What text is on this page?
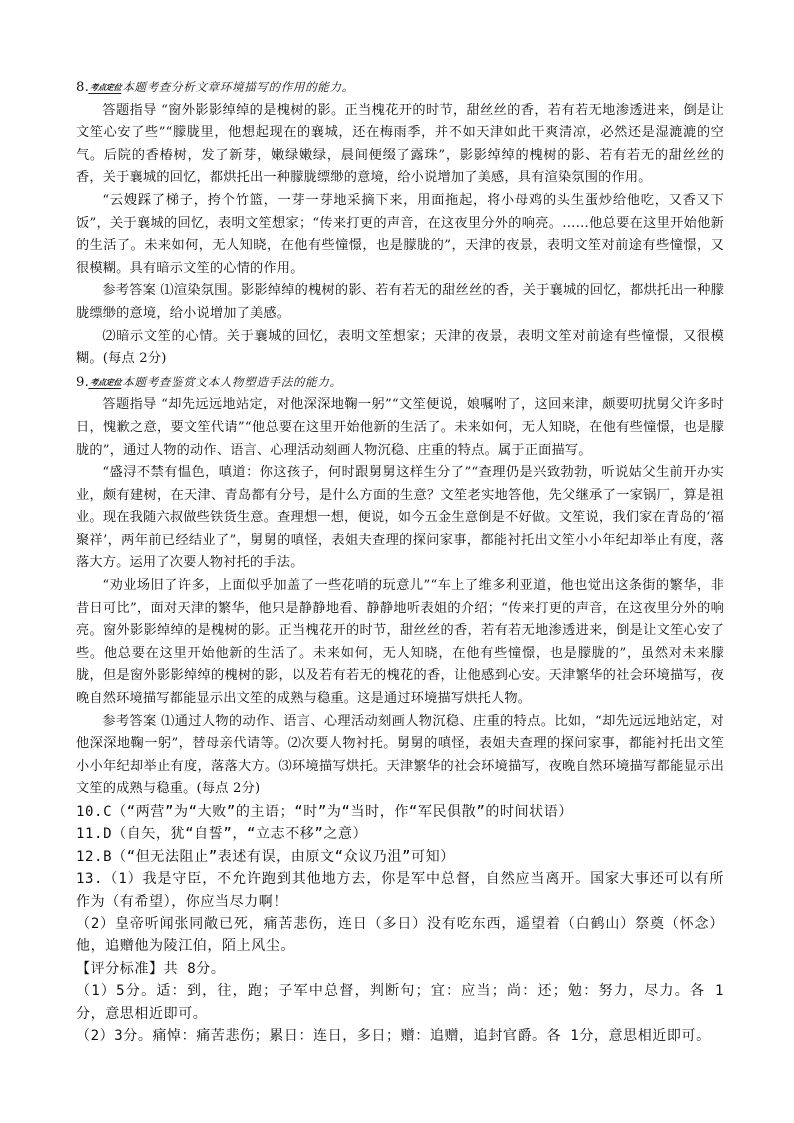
8.考点定位本题考查分析文章环境描写的作用的能力。

答题指导 “窗外影影绰绰的是槐树的影。正当槐花开的时节，甜丝丝的香，若有若无地渗透进来，倒是让文笙心安了些”“朦胧里，他想起现在的襄城，还在梅雨季，并不如天津如此干爽清凉，必然还是湿漉漉的空气。后院的香椿树，发了新芽，嫩绿嫩绿，晨间便缀了露珠”，影影绰绰的槐树的影、若有若无的甜丝丝的香，关于襄城的回忆，都烘托出一种朦胧缥缈的意境，给小说增加了美感，具有渲染氛围的作用。

“云嫂踩了梯子，挎个竹篮，一芽一芽地采摘下来，用面拖起，将小母鸡的头生蛋炒给他吃，又香又下饭”，关于襄城的回忆，表明文笙想家；“传来打更的声音，在这夜里分外的响亮。……他总要在这里开始他新的生活了。未来如何，无人知晓，在他有些憧憬，也是朦胧的”，天津的夜景，表明文笙对前途有些憧憬，又很模糊。具有暗示文笙的心情的作用。

参考答案 ⑴渲染氛围。影影绰绰的槐树的影、若有若无的甜丝丝的香，关于襄城的回忆，都烘托出一种朦胧缥缈的意境，给小说增加了美感。

⑵暗示文笙的心情。关于襄城的回忆，表明文笙想家；天津的夜景，表明文笙对前途有些憧憬，又很模糊。(每点 2分)

9.考点定位本题考查鉴赏文本人物塑造手法的能力。

答题指导 “却先远远地站定，对他深深地鞠一躬”“文笙便说，娘嘱咐了，这回来津，颇要叨扰舅父许多时日，愧歉之意，要文笙代请”“他总要在这里开始他新的生活了。未来如何，无人知晓，在他有些憧憬，也是朦胧的”，通过人物的动作、语言、心理活动刻画人物沉稳、庄重的特点。属于正面描写。

“盛浔不禁有愠色，嗔道：你这孩子，何时跟舅舅这样生分了”“查理仍是兴致勃勃，听说姑父生前开办实业，颇有建树，在天津、青岛都有分号，是什么方面的生意？文笙老实地答他，先父继承了一家锅厂，算是祖业。现在我随六叔做些铁货生意。查理想一想，便说，如今五金生意倒是不好做。文笙说，我们家在青岛的‘福聚祥’，两年前已经结业了”，舅舅的嗔怪，表姐夫查理的探问家事，都能衬托出文笙小小年纪却举止有度，落落大方。运用了次要人物衬托的手法。

“劝业场旧了许多，上面似乎加盖了一些花哨的玩意儿”“车上了维多利亚道，他也觉出这条街的繁华，非昔日可比”，面对天津的繁华，他只是静静地看、静静地听表姐的介绍；“传来打更的声音，在这夜里分外的响亮。窗外影影绰绰的是槐树的影。正当槐花开的时节，甜丝丝的香，若有若无地渗透进来，倒是让文笙心安了些。他总要在这里开始他新的生活了。未来如何，无人知晓，在他有些憧憬，也是朦胧的”，虽然对未来朦胧，但是窗外影影绰绰的槐树的影，以及若有若无的槐花的香，让他感到心安。天津繁华的社会环境描写，夜晚自然环境描写都能显示出文笙的成熟与稳重。这是通过环境描写烘托人物。

参考答案 ⑴通过人物的动作、语言、心理活动刻画人物沉稳、庄重的特点。比如，“却先远远地站定，对他深深地鞠一躬”，替母亲代请等。⑵次要人物衬托。舅舅的嗔怪，表姐夫查理的探问家事，都能衬托出文笙小小年纪却举止有度，落落大方。⑶环境描写烘托。天津繁华的社会环境描写，夜晚自然环境描写都能显示出文笙的成熟与稳重。(每点 2分)

10.C（“两营”为“大败”的主语；“时”为“当时，作“军民俱散”的时间状语）

11.D（自矢，犹“自誓”，“立志不移”之意）

12.B（“但无法阻止”表述有误，由原文“众议乃沮”可知）

13.（1）我是守臣，不允许跑到其他地方去，你是军中总督，自然应当离开。国家大事还可以有所作为（有希望），你应当尽力啊！

（2）皇帝听闻张同敞已死，痛苦悲伤，连日（多日）没有吃东西，遥望着（白鹤山）祭奠（怀念）他，追赠他为陵江伯，陌上风尘。

【评分标准】共 8分。

（1）5分。适：到，往，跑；子军中总督，判断句；宜：应当；尚：还；勉：努力，尽力。各 1分，意思相近即可。

（2）3分。痛悼：痛苦悲伤；累日：连日，多日；赠：追赠，追封官爵。各 1分，意思相近即可。
